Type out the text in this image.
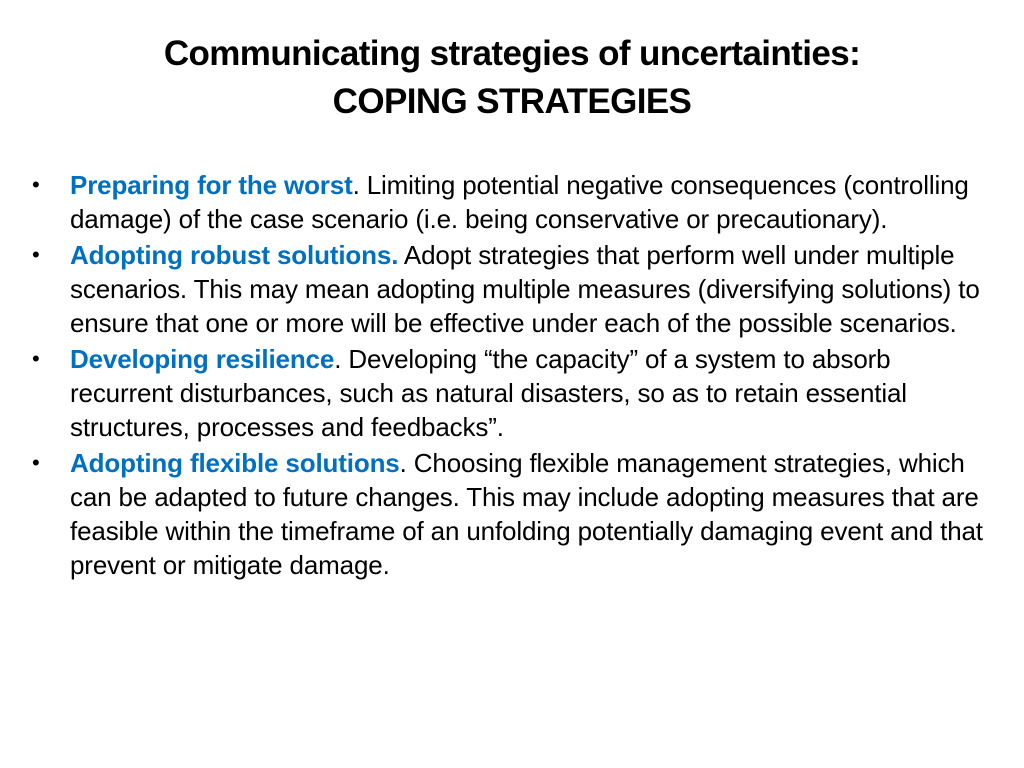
Communicating strategies of uncertainties:
COPING STRATEGIES
• Preparing for the worst. Limiting potential negative consequences (controlling damage) of the case scenario (i.e. being conservative or precautionary).
• Adopting robust solutions. Adopt strategies that perform well under multiple scenarios. This may mean adopting multiple measures (diversifying solutions) to ensure that one or more will be effective under each of the possible scenarios.
• Developing resilience. Developing “the capacity” of a system to absorb recurrent disturbances, such as natural disasters, so as to retain essential structures, processes and feedbacks”.
• Adopting flexible solutions. Choosing flexible management strategies, which can be adapted to future changes. This may include adopting measures that are feasible within the timeframe of an unfolding potentially damaging event and that prevent or mitigate damage.
